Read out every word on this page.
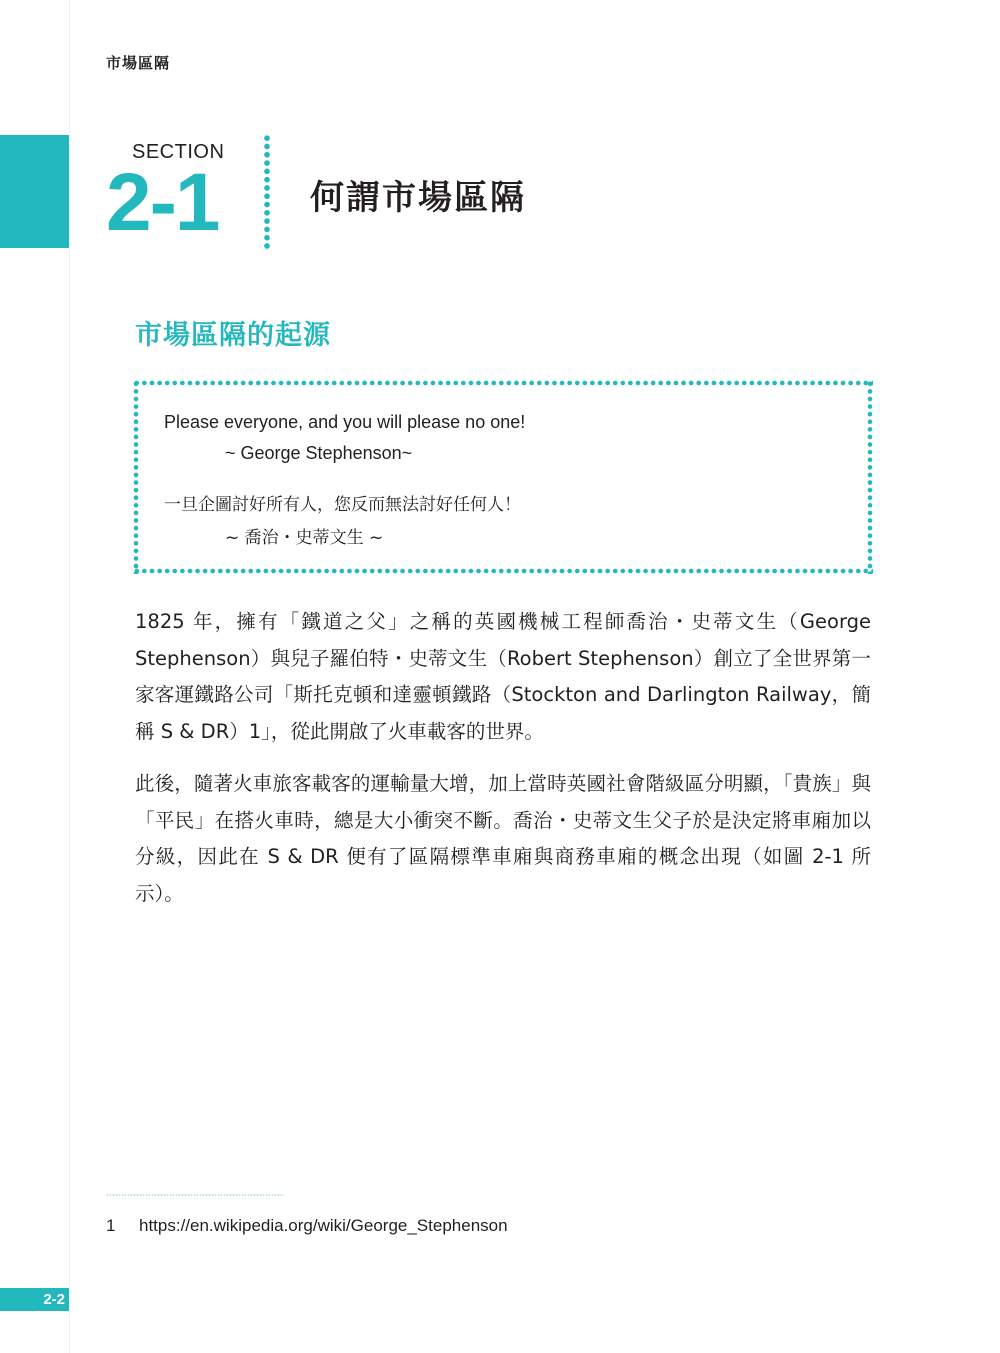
市場區隔
SECTION
2-1	何謂市場區隔
市場區隔的起源
Please everyone, and you will please no one!
~ George Stephenson~
一旦企圖討好所有人，您反而無法討好任何人！
~ 喬治・史蒂文生 ~

1825 年，擁有「鐵道之父」之稱的英國機械工程師喬治・史蒂文生（George Stephenson）與兒子羅伯特・史蒂文生（Robert Stephenson）創立了全世界第一家客運鐵路公司「斯托克頓和達靈頓鐵路（Stockton and Darlington Railway，簡稱 S & DR）1」，從此開啟了火車載客的世界。

此後，隨著火車旅客載客的運輸量大增，加上當時英國社會階級區分明顯，「貴族」與「平民」在搭火車時，總是大小衝突不斷。喬治・史蒂文生父子於是決定將車廂加以分級，因此在 S & DR 便有了區隔標準車廂與商務車廂的概念出現（如圖 2-1 所示）。

1 https://en.wikipedia.org/wiki/George_Stephenson
2-2
